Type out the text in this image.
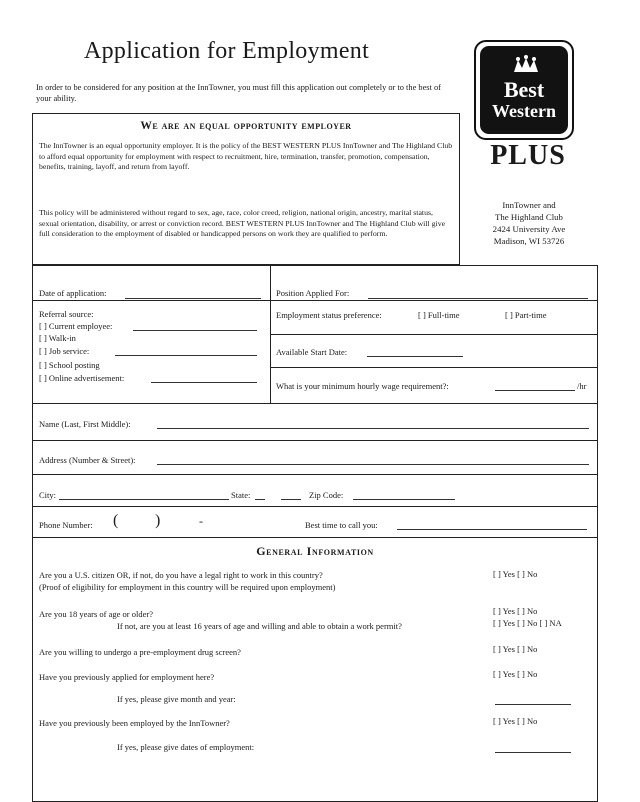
Application for Employment
In order to be considered for any position at the InnTowner, you must fill this application out completely or to the best of your ability.
We are an equal opportunity employer
The InnTowner is an equal opportunity employer. It is the policy of the BEST WESTERN PLUS InnTowner and The Highland Club to afford equal opportunity for employment with respect to recruitment, hire, termination, transfer, promotion, compensation, benefits, training, layoff, and return from layoff.
This policy will be administered without regard to sex, age, race, color creed, religion, national origin, ancestry, marital status, sexual orientation, disability, or arrest or conviction record. BEST WESTERN PLUS InnTowner and The Highland Club will give full consideration to the employment of disabled or handicapped persons on work they are qualified to perform.
Best
Western
PLUS
InnTowner and
The Highland Club
2424 University Ave
Madison, WI 53726
Date of application:	Position Applied For:
Referral source:
[ ] Current employee:
[ ] Walk-in
[ ] Job service:
[ ] School posting
[ ] Online advertisement:
Employment status preference:	[ ] Full-time	[ ] Part-time
Available Start Date:
What is your minimum hourly wage requirement?:	/hr
Name (Last, First Middle):
Address (Number & Street):
City:	State:	Zip Code:
Phone Number: ( )	-	Best time to call you:
General Information
Are you a U.S. citizen OR, if not, do you have a legal right to work in this country?
(Proof of eligibility for employment in this country will be required upon employment)
[ ] Yes [ ] No
Are you 18 years of age or older?	[ ] Yes [ ] No
If not, are you at least 16 years of age and willing and able to obtain a work permit?	[ ] Yes [ ] No [ ] NA
Are you willing to undergo a pre-employment drug screen?	[ ] Yes [ ] No
Have you previously applied for employment here?	[ ] Yes [ ] No
If yes, please give month and year:
Have you previously been employed by the InnTowner?	[ ] Yes [ ] No
If yes, please give dates of employment:
